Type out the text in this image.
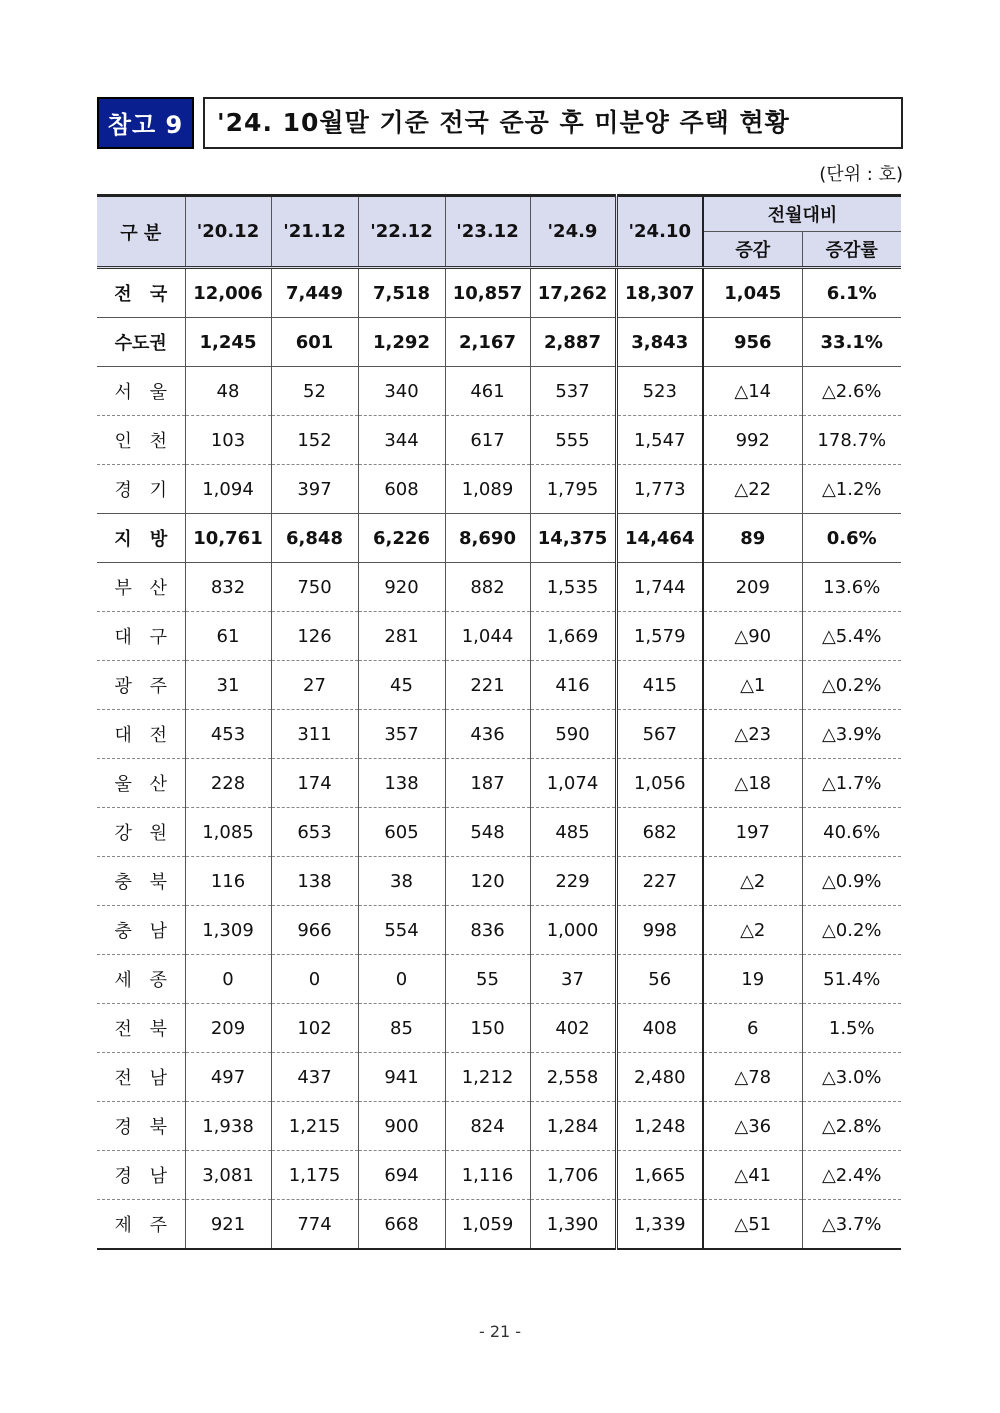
참고 9	'24. 10월말 기준 전국 준공 후 미분양 주택 현황
(단위 : 호)
구 분	'20.12	'21.12	'22.12	'23.12	'24.9	'24.10	전월대비	
							증감	증감률
전 국	12,006	7,449	7,518	10,857	17,262	18,307	1,045	6.1%
수도권	1,245	601	1,292	2,167	2,887	3,843	956	33.1%
서 울	48	52	340	461	537	523	△14	△2.6%
인 천	103	152	344	617	555	1,547	992	178.7%
경 기	1,094	397	608	1,089	1,795	1,773	△22	△1.2%
지 방	10,761	6,848	6,226	8,690	14,375	14,464	89	0.6%
부 산	832	750	920	882	1,535	1,744	209	13.6%
대 구	61	126	281	1,044	1,669	1,579	△90	△5.4%
광 주	31	27	45	221	416	415	△1	△0.2%
대 전	453	311	357	436	590	567	△23	△3.9%
울 산	228	174	138	187	1,074	1,056	△18	△1.7%
강 원	1,085	653	605	548	485	682	197	40.6%
충 북	116	138	38	120	229	227	△2	△0.9%
충 남	1,309	966	554	836	1,000	998	△2	△0.2%
세 종	0	0	0	55	37	56	19	51.4%
전 북	209	102	85	150	402	408	6	1.5%
전 남	497	437	941	1,212	2,558	2,480	△78	△3.0%
경 북	1,938	1,215	900	824	1,284	1,248	△36	△2.8%
경 남	3,081	1,175	694	1,116	1,706	1,665	△41	△2.4%
제 주	921	774	668	1,059	1,390	1,339	△51	△3.7%
- 21 -
